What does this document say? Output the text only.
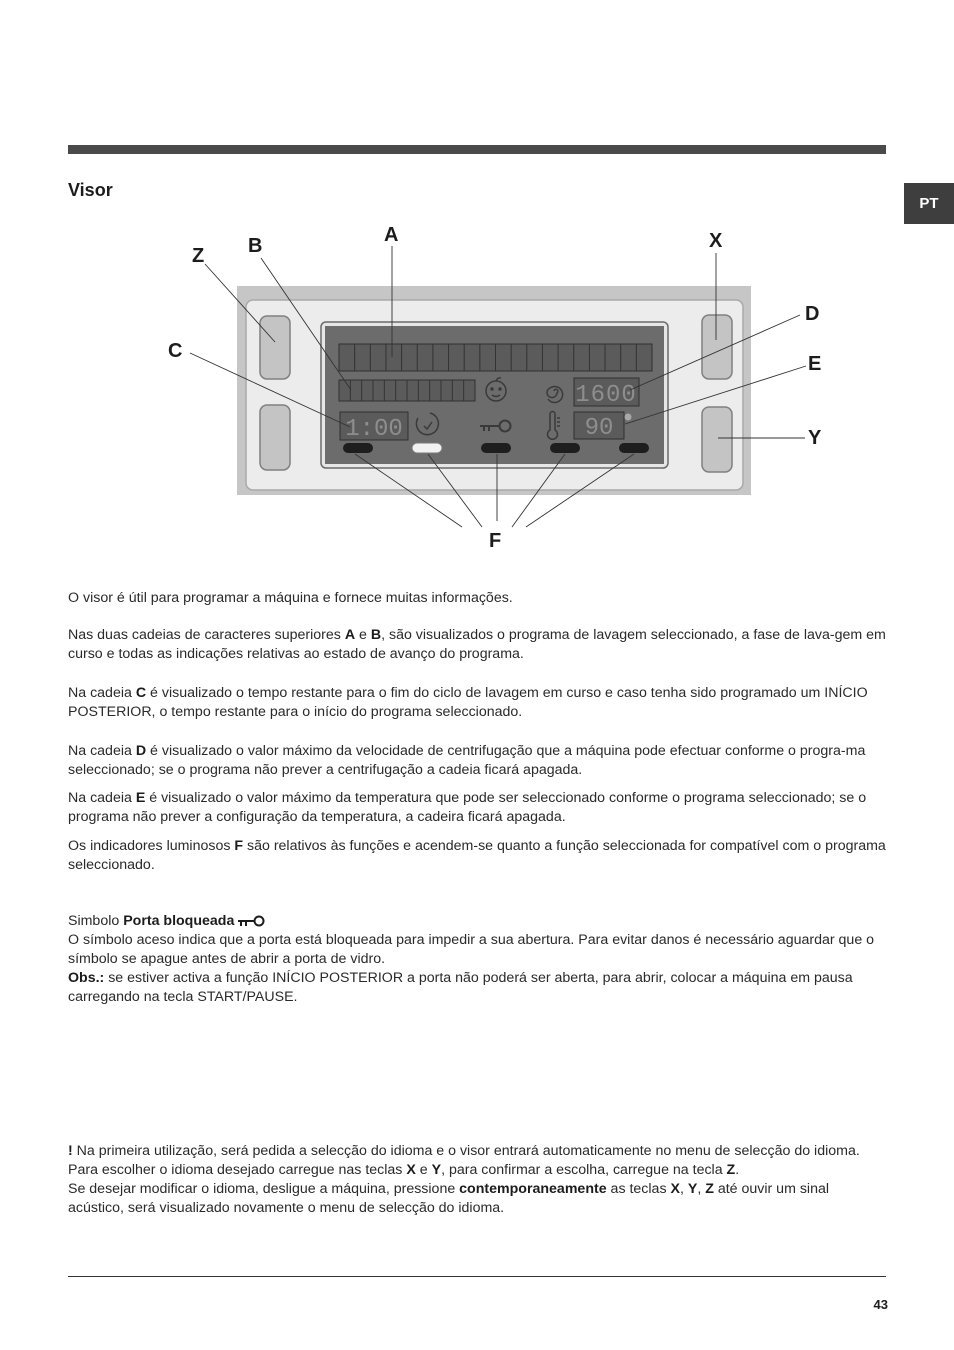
PT
Visor
1600
1:00	90
A
B
Z
C
X
D
E
Y
F

O visor é útil para programar a máquina e fornece muitas informações.

Nas duas cadeias de caracteres superiores A e B, são visualizados o programa de lavagem seleccionado, a fase de lava-gem em curso e todas as indicações relativas ao estado de avanço do programa.

Na cadeia C é visualizado o tempo restante para o fim do ciclo de lavagem em curso e caso tenha sido programado um INÍCIO POSTERIOR, o tempo restante para o início do programa seleccionado.

Na cadeia D é visualizado o valor máximo da velocidade de centrifugação que a máquina pode efectuar conforme o progra-ma seleccionado; se o programa não prever a centrifugação a cadeia ficará apagada.

Na cadeia E é visualizado o valor máximo da temperatura que pode ser seleccionado conforme o programa seleccionado; se o programa não prever a configuração da temperatura, a cadeira ficará apagada.

Os indicadores luminosos F são relativos às funções e acendem-se quanto a função seleccionada for compatível com o programa seleccionado.

Simbolo Porta bloqueada
O símbolo aceso indica que a porta está bloqueada para impedir a sua abertura. Para evitar danos é necessário aguardar que o símbolo se apague antes de abrir a porta de vidro.
Obs.: se estiver activa a função INÍCIO POSTERIOR a porta não poderá ser aberta, para abrir, colocar a máquina em pausa carregando na tecla START/PAUSE.
! Na primeira utilização, será pedida a selecção do idioma e o visor entrará automaticamente no menu de selecção do idioma.
Para escolher o idioma desejado carregue nas teclas X e Y, para confirmar a escolha, carregue na tecla Z.
Se desejar modificar o idioma, desligue a máquina, pressione contemporaneamente as teclas X, Y, Z até ouvir um sinal acústico, será visualizado novamente o menu de selecção do idioma.
43
